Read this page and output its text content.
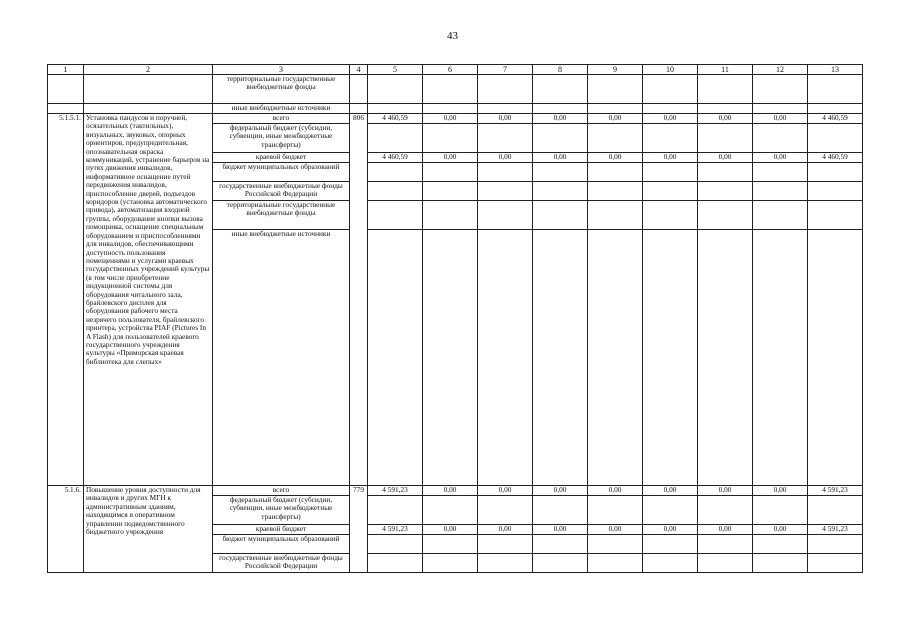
43
1	2	3	4	5	6	7	8	9	10	11	12	13
		территориальные государственные внебюджетные фонды										
		иные внебюджетные источники										
5.1.5.1.	Установка пандусов и поручней, осязательных (тактильных), визуальных, звуковых, опорных ориентиров, предупредительная, опознавательная окраска коммуникаций, устранение барьеров на путях движения инвалидов, информативное оснащение путей передвижения инвалидов, приспособление дверей, подъездов коридоров (установка автоматического привода), автоматизация входной группы, оборудование кнопки вызова помощника, оснащение специальным оборудованием и приспособлениями для инвалидов, обеспечивающими доступность пользования помещениями и услугами краевых государственных учреждений культуры (в том числе приобретение индукционной системы для оборудования читального зала, брайлевского дисплея для оборудования рабочего места незрячего пользователя, брайлевского принтера, устройства PIAF (Pictures In A Flash) для пользователей краевого государственного учреждения культуры «Приморская краевая библиотека для слепых»	всего	806	4 460,59	0,00	0,00	0,00	0,00	0,00	0,00	0,00	4 460,59
		федеральный бюджет (субсидии, субвенции, иные межбюджетные трансферты)										
		краевой бюджет		4 460,59	0,00	0,00	0,00	0,00	0,00	0,00	0,00	4 460,59
		бюджет муниципальных образований										
		государственные внебюджетные фонды Российской Федерации										
		территориальные государственные внебюджетные фонды										
		иные внебюджетные источники										
5.1.6.	Повышение уровня доступности для инвалидов и других МГН к административным зданиям, находящимся в оперативном управлении подведомственного бюджетного учреждения	всего	779	4 591,23	0,00	0,00	0,00	0,00	0,00	0,00	0,00	4 591,23
		федеральный бюджет (субсидии, субвенции, иные межбюджетные трансферты)										
		краевой бюджет		4 591,23	0,00	0,00	0,00	0,00	0,00	0,00	0,00	4 591,23
		бюджет муниципальных образований										
		государственные внебюджетные фонды Российской Федерации										
